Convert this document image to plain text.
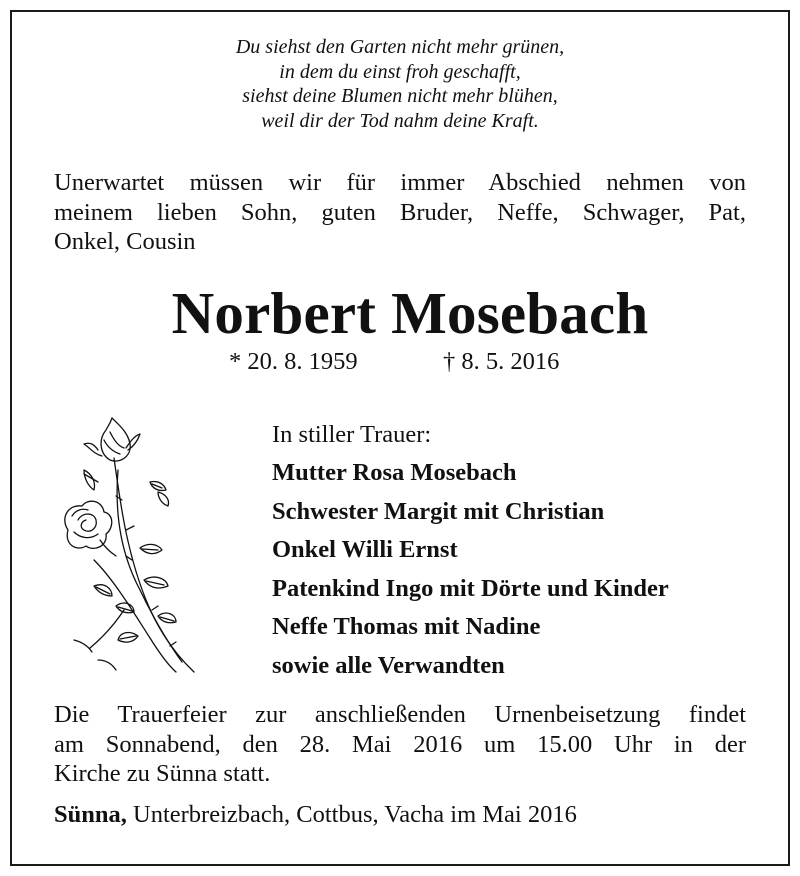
Du siehst den Garten nicht mehr grünen,
in dem du einst froh geschafft,
siehst deine Blumen nicht mehr blühen,
weil dir der Tod nahm deine Kraft.
Unerwartet müssen wir für immer Abschied nehmen von
meinem lieben Sohn, guten Bruder, Neffe, Schwager, Pat,
Onkel, Cousin
Norbert Mosebach
* 20. 8. 1959	† 8. 5. 2016
In stiller Trauer:
Mutter Rosa Mosebach
Schwester Margit mit Christian
Onkel Willi Ernst
Patenkind Ingo mit Dörte und Kinder
Neffe Thomas mit Nadine
sowie alle Verwandten
Die Trauerfeier zur anschließenden Urnenbeisetzung findet
am Sonnabend, den 28. Mai 2016 um 15.00 Uhr in der
Kirche zu Sünna statt.
Sünna, Unterbreizbach, Cottbus, Vacha im Mai 2016
